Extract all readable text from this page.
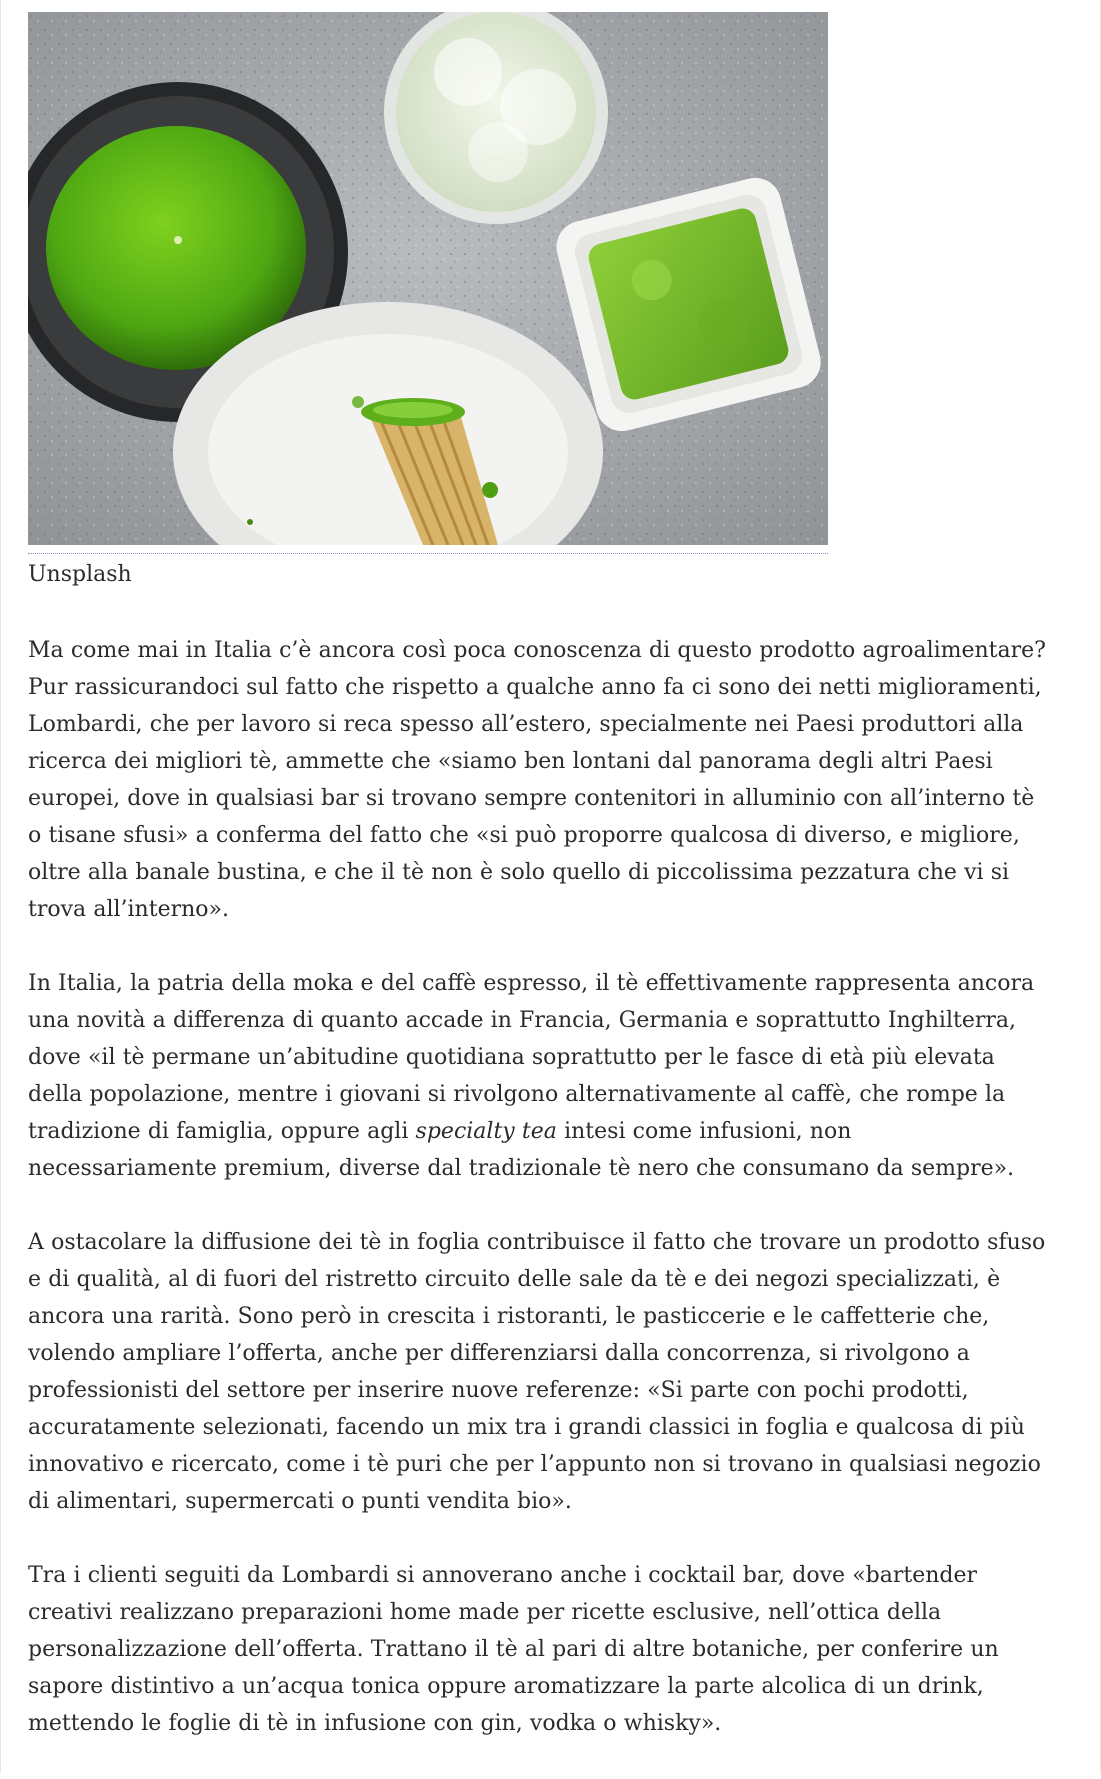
Unsplash

Ma come mai in Italia c’è ancora così poca conoscenza di questo prodotto agroalimentare?
Pur rassicurandoci sul fatto che rispetto a qualche anno fa ci sono dei netti miglioramenti,
Lombardi, che per lavoro si reca spesso all’estero, specialmente nei Paesi produttori alla
ricerca dei migliori tè, ammette che «siamo ben lontani dal panorama degli altri Paesi
europei, dove in qualsiasi bar si trovano sempre contenitori in alluminio con all’interno tè
o tisane sfusi» a conferma del fatto che «si può proporre qualcosa di diverso, e migliore,
oltre alla banale bustina, e che il tè non è solo quello di piccolissima pezzatura che vi si
trova all’interno».

In Italia, la patria della moka e del caffè espresso, il tè effettivamente rappresenta ancora
una novità a differenza di quanto accade in Francia, Germania e soprattutto Inghilterra,
dove «il tè permane un’abitudine quotidiana soprattutto per le fasce di età più elevata
della popolazione, mentre i giovani si rivolgono alternativamente al caffè, che rompe la
tradizione di famiglia, oppure agli specialty tea intesi come infusioni, non
necessariamente premium, diverse dal tradizionale tè nero che consumano da sempre».

A ostacolare la diffusione dei tè in foglia contribuisce il fatto che trovare un prodotto sfuso
e di qualità, al di fuori del ristretto circuito delle sale da tè e dei negozi specializzati, è
ancora una rarità. Sono però in crescita i ristoranti, le pasticcerie e le caffetterie che,
volendo ampliare l’offerta, anche per differenziarsi dalla concorrenza, si rivolgono a
professionisti del settore per inserire nuove referenze: «Si parte con pochi prodotti,
accuratamente selezionati, facendo un mix tra i grandi classici in foglia e qualcosa di più
innovativo e ricercato, come i tè puri che per l’appunto non si trovano in qualsiasi negozio
di alimentari, supermercati o punti vendita bio».

Tra i clienti seguiti da Lombardi si annoverano anche i cocktail bar, dove «bartender
creativi realizzano preparazioni home made per ricette esclusive, nell’ottica della
personalizzazione dell’offerta. Trattano il tè al pari di altre botaniche, per conferire un
sapore distintivo a un’acqua tonica oppure aromatizzare la parte alcolica di un drink,
mettendo le foglie di tè in infusione con gin, vodka o whisky».
